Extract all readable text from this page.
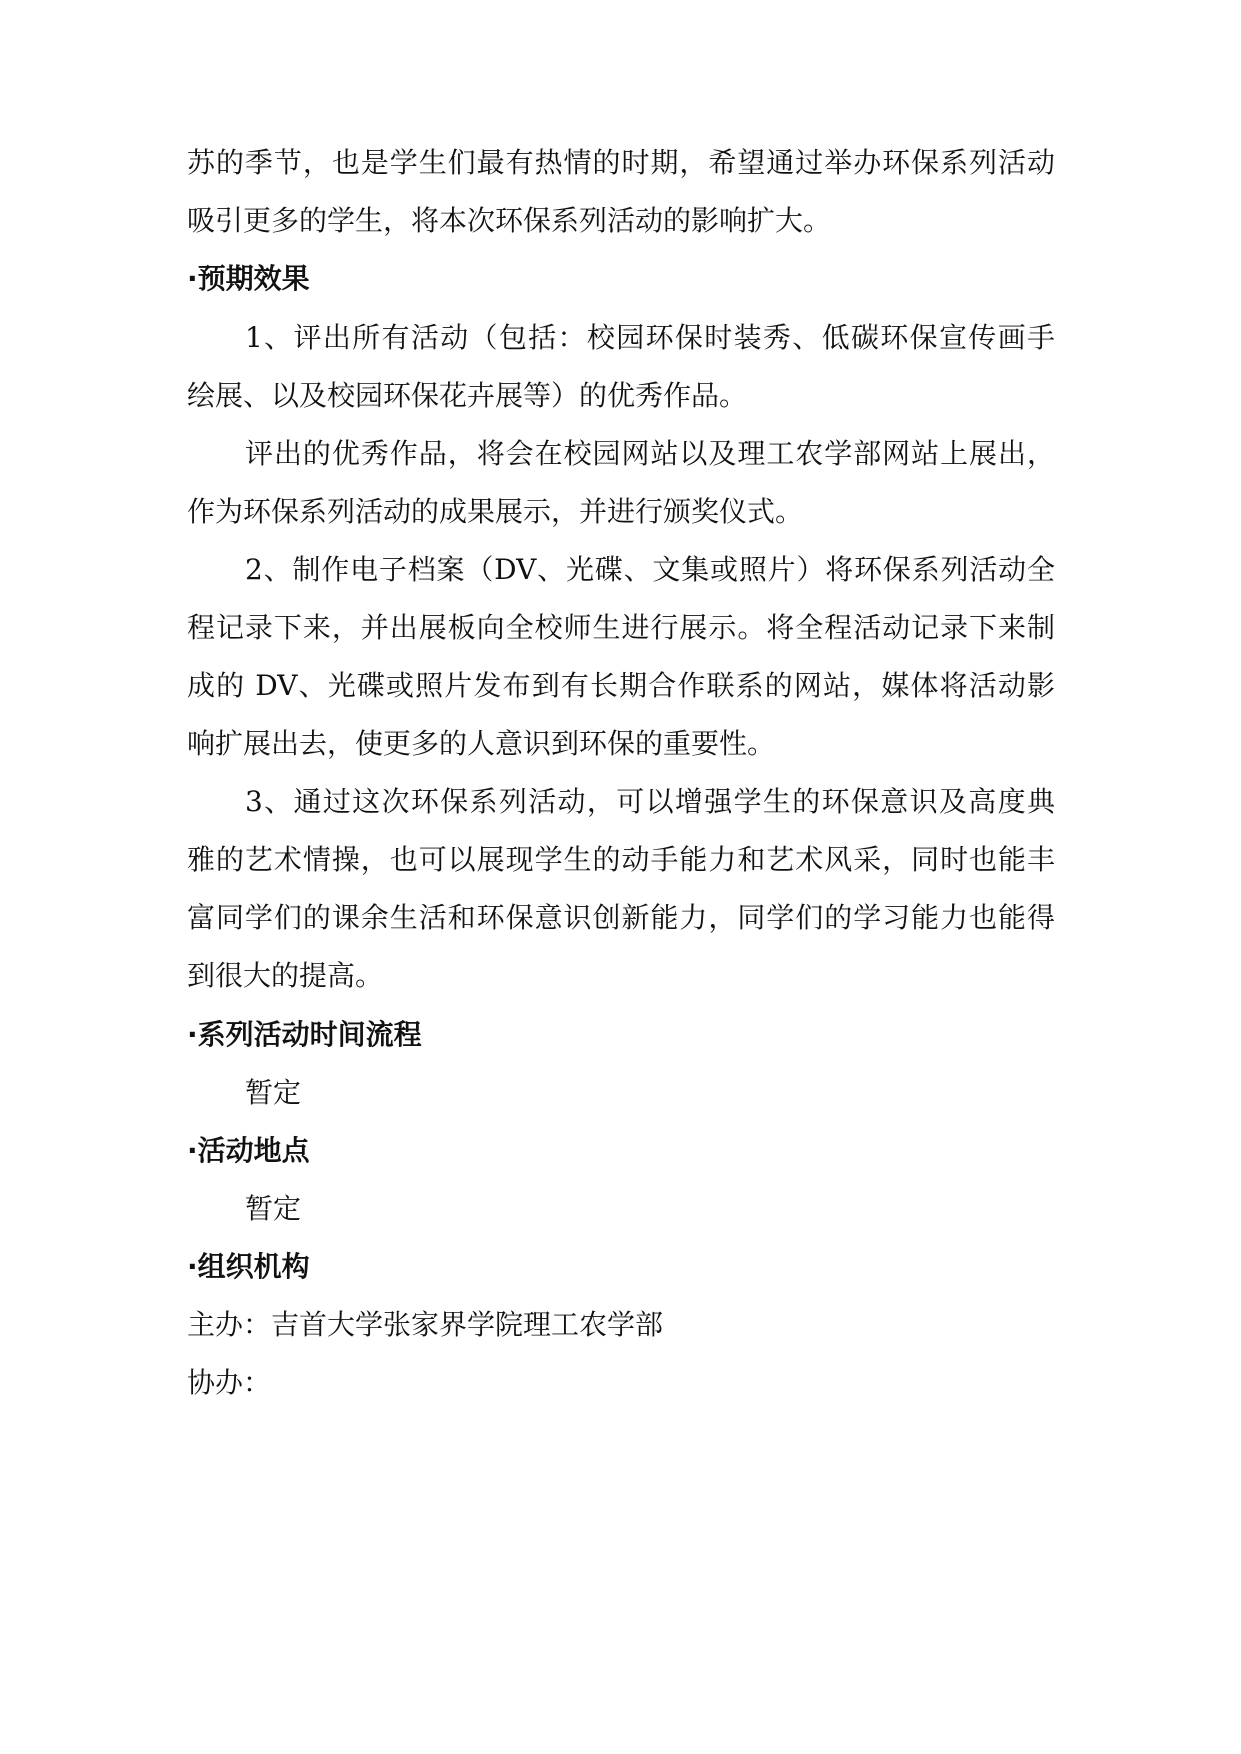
苏的季节，也是学生们最有热情的时期，希望通过举办环保系列活动

吸引更多的学生，将本次环保系列活动的影响扩大。

·预期效果

1、评出所有活动（包括：校园环保时装秀、低碳环保宣传画手

绘展、以及校园环保花卉展等）的优秀作品。

评出的优秀作品，将会在校园网站以及理工农学部网站上展出，

作为环保系列活动的成果展示，并进行颁奖仪式。

2、制作电子档案（DV、光碟、文集或照片）将环保系列活动全

程记录下来，并出展板向全校师生进行展示。将全程活动记录下来制

成的 DV、光碟或照片发布到有长期合作联系的网站，媒体将活动影

响扩展出去，使更多的人意识到环保的重要性。

3、通过这次环保系列活动，可以增强学生的环保意识及高度典

雅的艺术情操，也可以展现学生的动手能力和艺术风采，同时也能丰

富同学们的课余生活和环保意识创新能力，同学们的学习能力也能得

到很大的提高。

·系列活动时间流程

暂定

·活动地点

暂定

·组织机构

主办：吉首大学张家界学院理工农学部

协办：
